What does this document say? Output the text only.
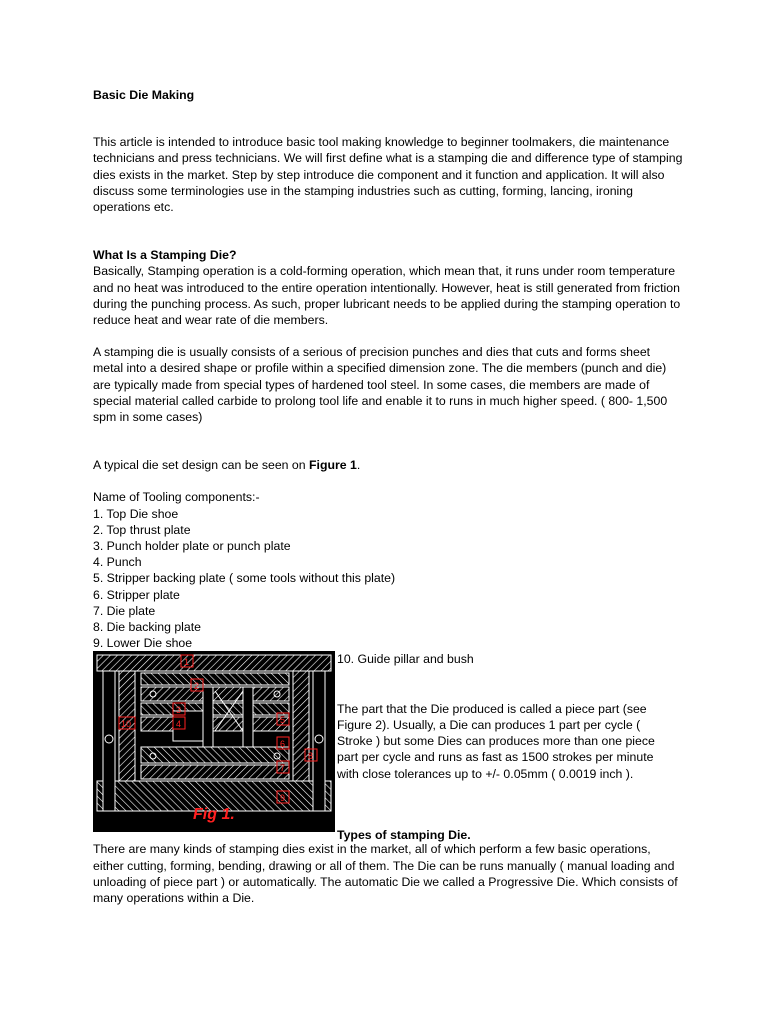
Basic Die Making

This article is intended to introduce basic tool making knowledge to beginner toolmakers, die maintenance technicians and press technicians. We will first define what is a stamping die and difference type of stamping dies exists in the market. Step by step introduce die component and it function and application. It will also discuss some terminologies use in the stamping industries such as cutting, forming, lancing, ironing operations etc.

What Is a Stamping Die?

Basically, Stamping operation is a cold-forming operation, which mean that, it runs under room temperature and no heat was introduced to the entire operation intentionally. However, heat is still generated from friction during the punching process. As such, proper lubricant needs to be applied during the stamping operation to reduce heat and wear rate of die members.

A stamping die is usually consists of a serious of precision punches and dies that cuts and forms sheet metal into a desired shape or profile within a specified dimension zone. The die members (punch and die) are typically made from special types of hardened tool steel. In some cases, die members are made of special material called carbide to prolong tool life and enable it to runs in much higher speed. ( 800- 1,500 spm in some cases)

A typical die set design can be seen on Figure 1.

Name of Tooling components:-
1. Top Die shoe
2. Top thrust plate
3. Punch holder plate or punch plate
4. Punch
5. Stripper backing plate ( some tools without this plate)
6. Stripper plate
7. Die plate
8. Die backing plate
9. Lower Die shoe
1
2
3
4	5
6
7
8
9
10
Fig 1.
10. Guide pillar and bush

The part that the Die produced is called a piece part (see Figure 2). Usually, a Die can produces 1 part per cycle ( Stroke ) but some Dies can produces more than one piece part per cycle and runs as fast as 1500 strokes per minute with close tolerances up to +/- 0.05mm ( 0.0019 inch ).

Types of stamping Die.

There are many kinds of stamping dies exist in the market, all of which perform a few basic operations, either cutting, forming, bending, drawing or all of them. The Die can be runs manually ( manual loading and unloading of piece part ) or automatically. The automatic Die we called a Progressive Die. Which consists of many operations within a Die.
